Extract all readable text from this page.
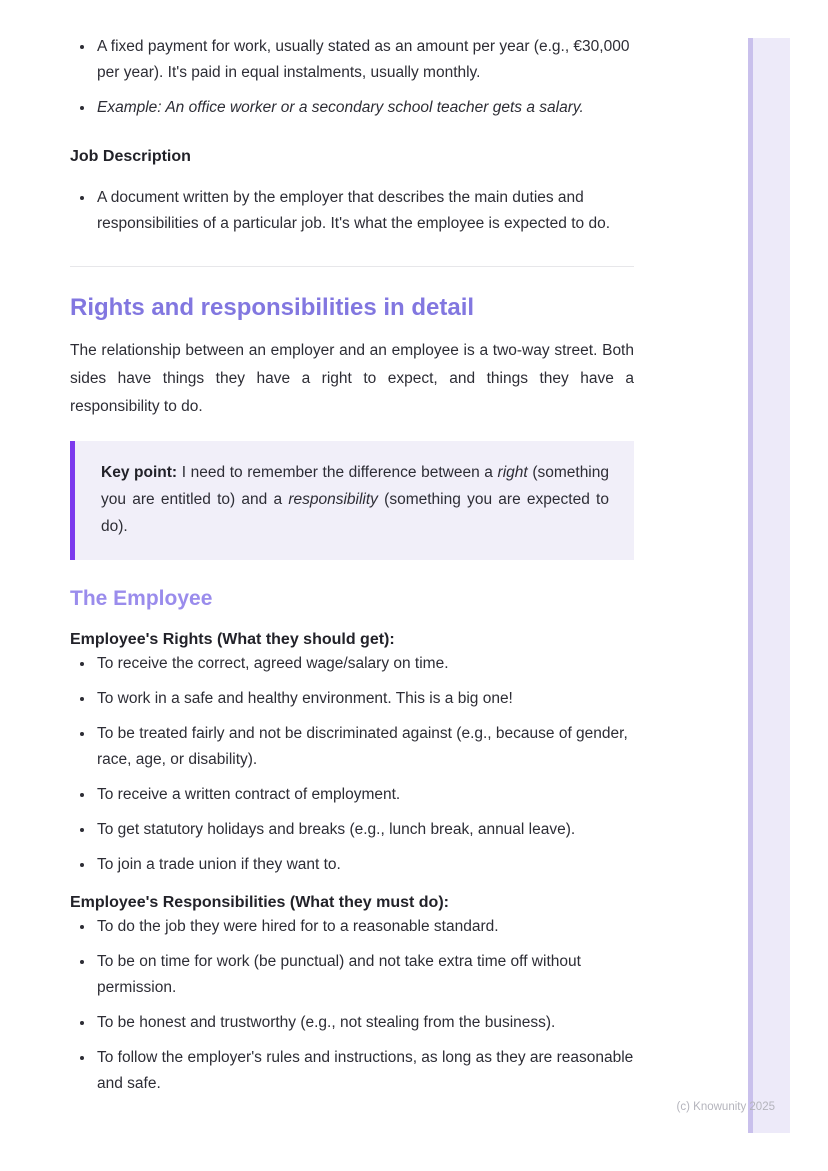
• A fixed payment for work, usually stated as an amount per year (e.g., €30,000 per year). It's paid in equal instalments, usually monthly.
• Example: An office worker or a secondary school teacher gets a salary.
Job Description
• A document written by the employer that describes the main duties and responsibilities of a particular job. It's what the employee is expected to do.
Rights and responsibilities in detail

The relationship between an employer and an employee is a two-way street. Both sides have things they have a right to expect, and things they have a responsibility to do.

Key point: I need to remember the difference between a right (something you are entitled to) and a responsibility (something you are expected to do).
The Employee
Employee's Rights (What they should get):
• To receive the correct, agreed wage/salary on time.
• To work in a safe and healthy environment. This is a big one!
• To be treated fairly and not be discriminated against (e.g., because of gender, race, age, or disability).
• To receive a written contract of employment.
• To get statutory holidays and breaks (e.g., lunch break, annual leave).
• To join a trade union if they want to.
Employee's Responsibilities (What they must do):
• To do the job they were hired for to a reasonable standard.
• To be on time for work (be punctual) and not take extra time off without permission.
• To be honest and trustworthy (e.g., not stealing from the business).
• To follow the employer's rules and instructions, as long as they are reasonable and safe.
(c) Knowunity 2025
